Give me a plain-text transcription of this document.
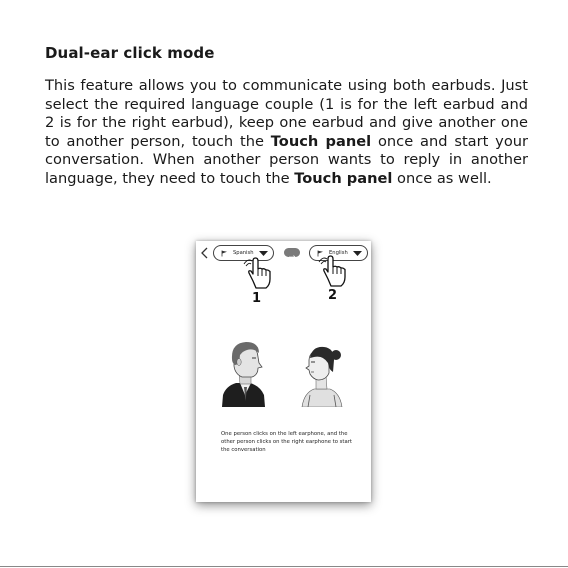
Dual-ear click mode
This feature allows you to communicate using both earbuds. Just select the required language couple (1 is for the left earbud and 2 is for the right earbud), keep one earbud and give another one to another person, touch the Touch panel once and start your conversation. When another person wants to reply in another language, they need to touch the Touch panel once as well.
Spanish	English
1	2
One person clicks on the left earphone, and the other person clicks on the right earphone to start the conversation
